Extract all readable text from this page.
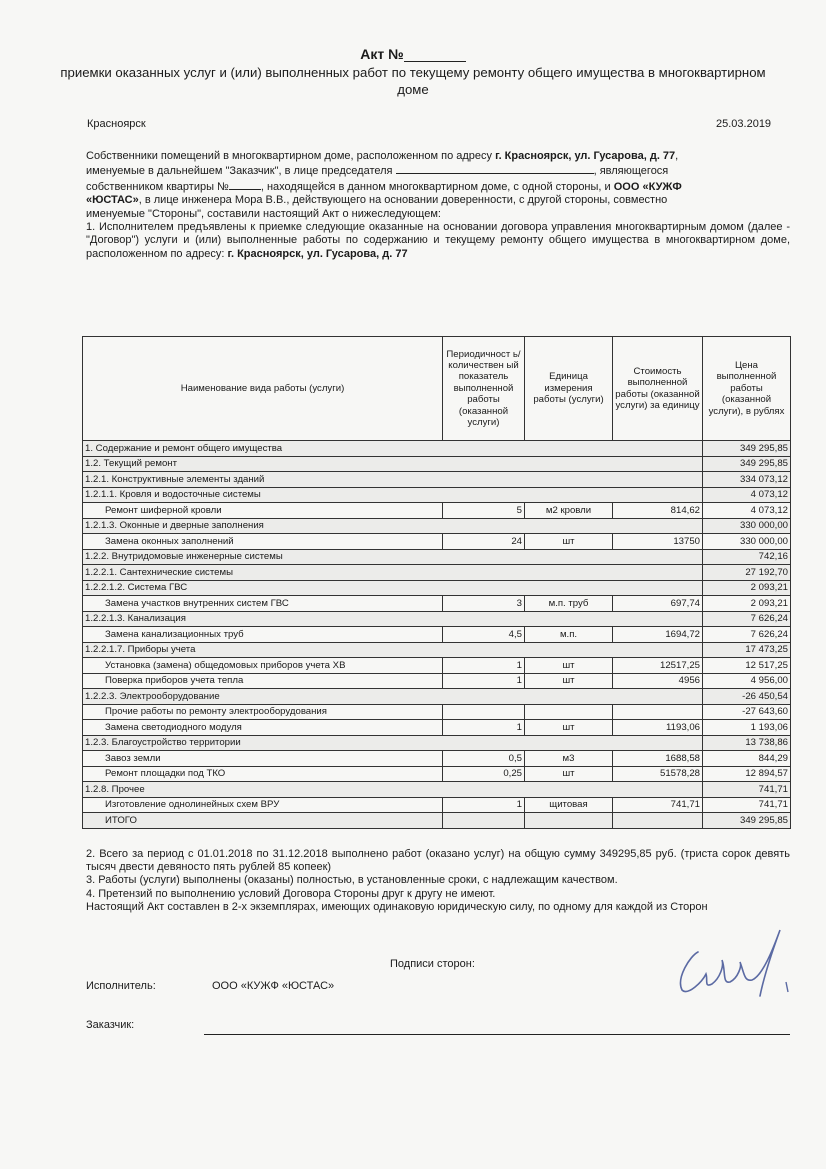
Акт №
приемки оказанных услуг и (или) выполненных работ по текущему ремонту общего имущества в многоквартирном доме
Красноярск	25.03.2019
Собственники помещений в многоквартирном доме, расположенном по адресу г. Красноярск, ул. Гусарова, д. 77,
именуемые в дальнейшем "Заказчик", в лице председателя	, являющегося
собственником квартиры №	, находящейся в данном многоквартирном доме, с одной стороны, и ООО «КУЖФ
«ЮСТАС», в лице инженера Мора В.В., действующего на основании доверенности, с другой стороны, совместно
именуемые "Стороны", составили настоящий Акт о нижеследующем:
1. Исполнителем предъявлены к приемке следующие оказанные на основании договора управления многоквартирным домом (далее - "Договор") услуги и (или) выполненные работы по содержанию и текущему ремонту общего имущества в многоквартирном доме, расположенном по адресу: г. Красноярск, ул. Гусарова, д. 77
Наименование вида работы (услуги)	Периодичност ь/количествен ый показатель выполненной работы (оказанной услуги)	Единица измерения работы (услуги)	Стоимость выполненной работы (оказанной услуги) за единицу	Цена выполненной работы (оказанной услуги), в рублях
1. Содержание и ремонт общего имущества				349 295,85
1.2. Текущий ремонт				349 295,85
1.2.1. Конструктивные элементы зданий				334 073,12
1.2.1.1. Кровля и водосточные системы				4 073,12
Ремонт шиферной кровли	5	м2 кровли	814,62	4 073,12
1.2.1.3. Оконные и дверные заполнения				330 000,00
Замена оконных заполнений	24	шт	13750	330 000,00
1.2.2. Внутридомовые инженерные системы				742,16
1.2.2.1. Сантехнические системы				27 192,70
1.2.2.1.2. Система ГВС				2 093,21
Замена участков внутренних систем ГВС	3	м.п. труб	697,74	2 093,21
1.2.2.1.3. Канализация				7 626,24
Замена канализационных труб	4,5	м.п.	1694,72	7 626,24
1.2.2.1.7. Приборы учета				17 473,25
Установка (замена) общедомовых приборов учета ХВ	1	шт	12517,25	12 517,25
Поверка приборов учета тепла	1	шт	4956	4 956,00
1.2.2.3. Электрооборудование				-26 450,54
Прочие работы по ремонту электрооборудования				-27 643,60
Замена светодиодного модуля	1	шт	1193,06	1 193,06
1.2.3. Благоустройство территории				13 738,86
Завоз земли	0,5	м3	1688,58	844,29
Ремонт площадки под ТКО	0,25	шт	51578,28	12 894,57
1.2.8. Прочее				741,71
Изготовление однолинейных схем ВРУ	1	щитовая	741,71	741,71
ИТОГО				349 295,85
2. Всего за период с 01.01.2018 по 31.12.2018 выполнено работ (оказано услуг) на общую сумму 349295,85 руб. (триста сорок девять тысяч двести девяносто пять рублей 85 копеек)
3. Работы (услуги) выполнены (оказаны) полностью, в установленные сроки, с надлежащим качеством.
4. Претензий по выполнению условий Договора Стороны друг к другу не имеют.
Настоящий Акт составлен в 2-х экземплярах, имеющих одинаковую юридическую силу, по одному для каждой из Сторон
Подписи сторон:
Исполнитель:	ООО «КУЖФ «ЮСТАС»
Заказчик:
